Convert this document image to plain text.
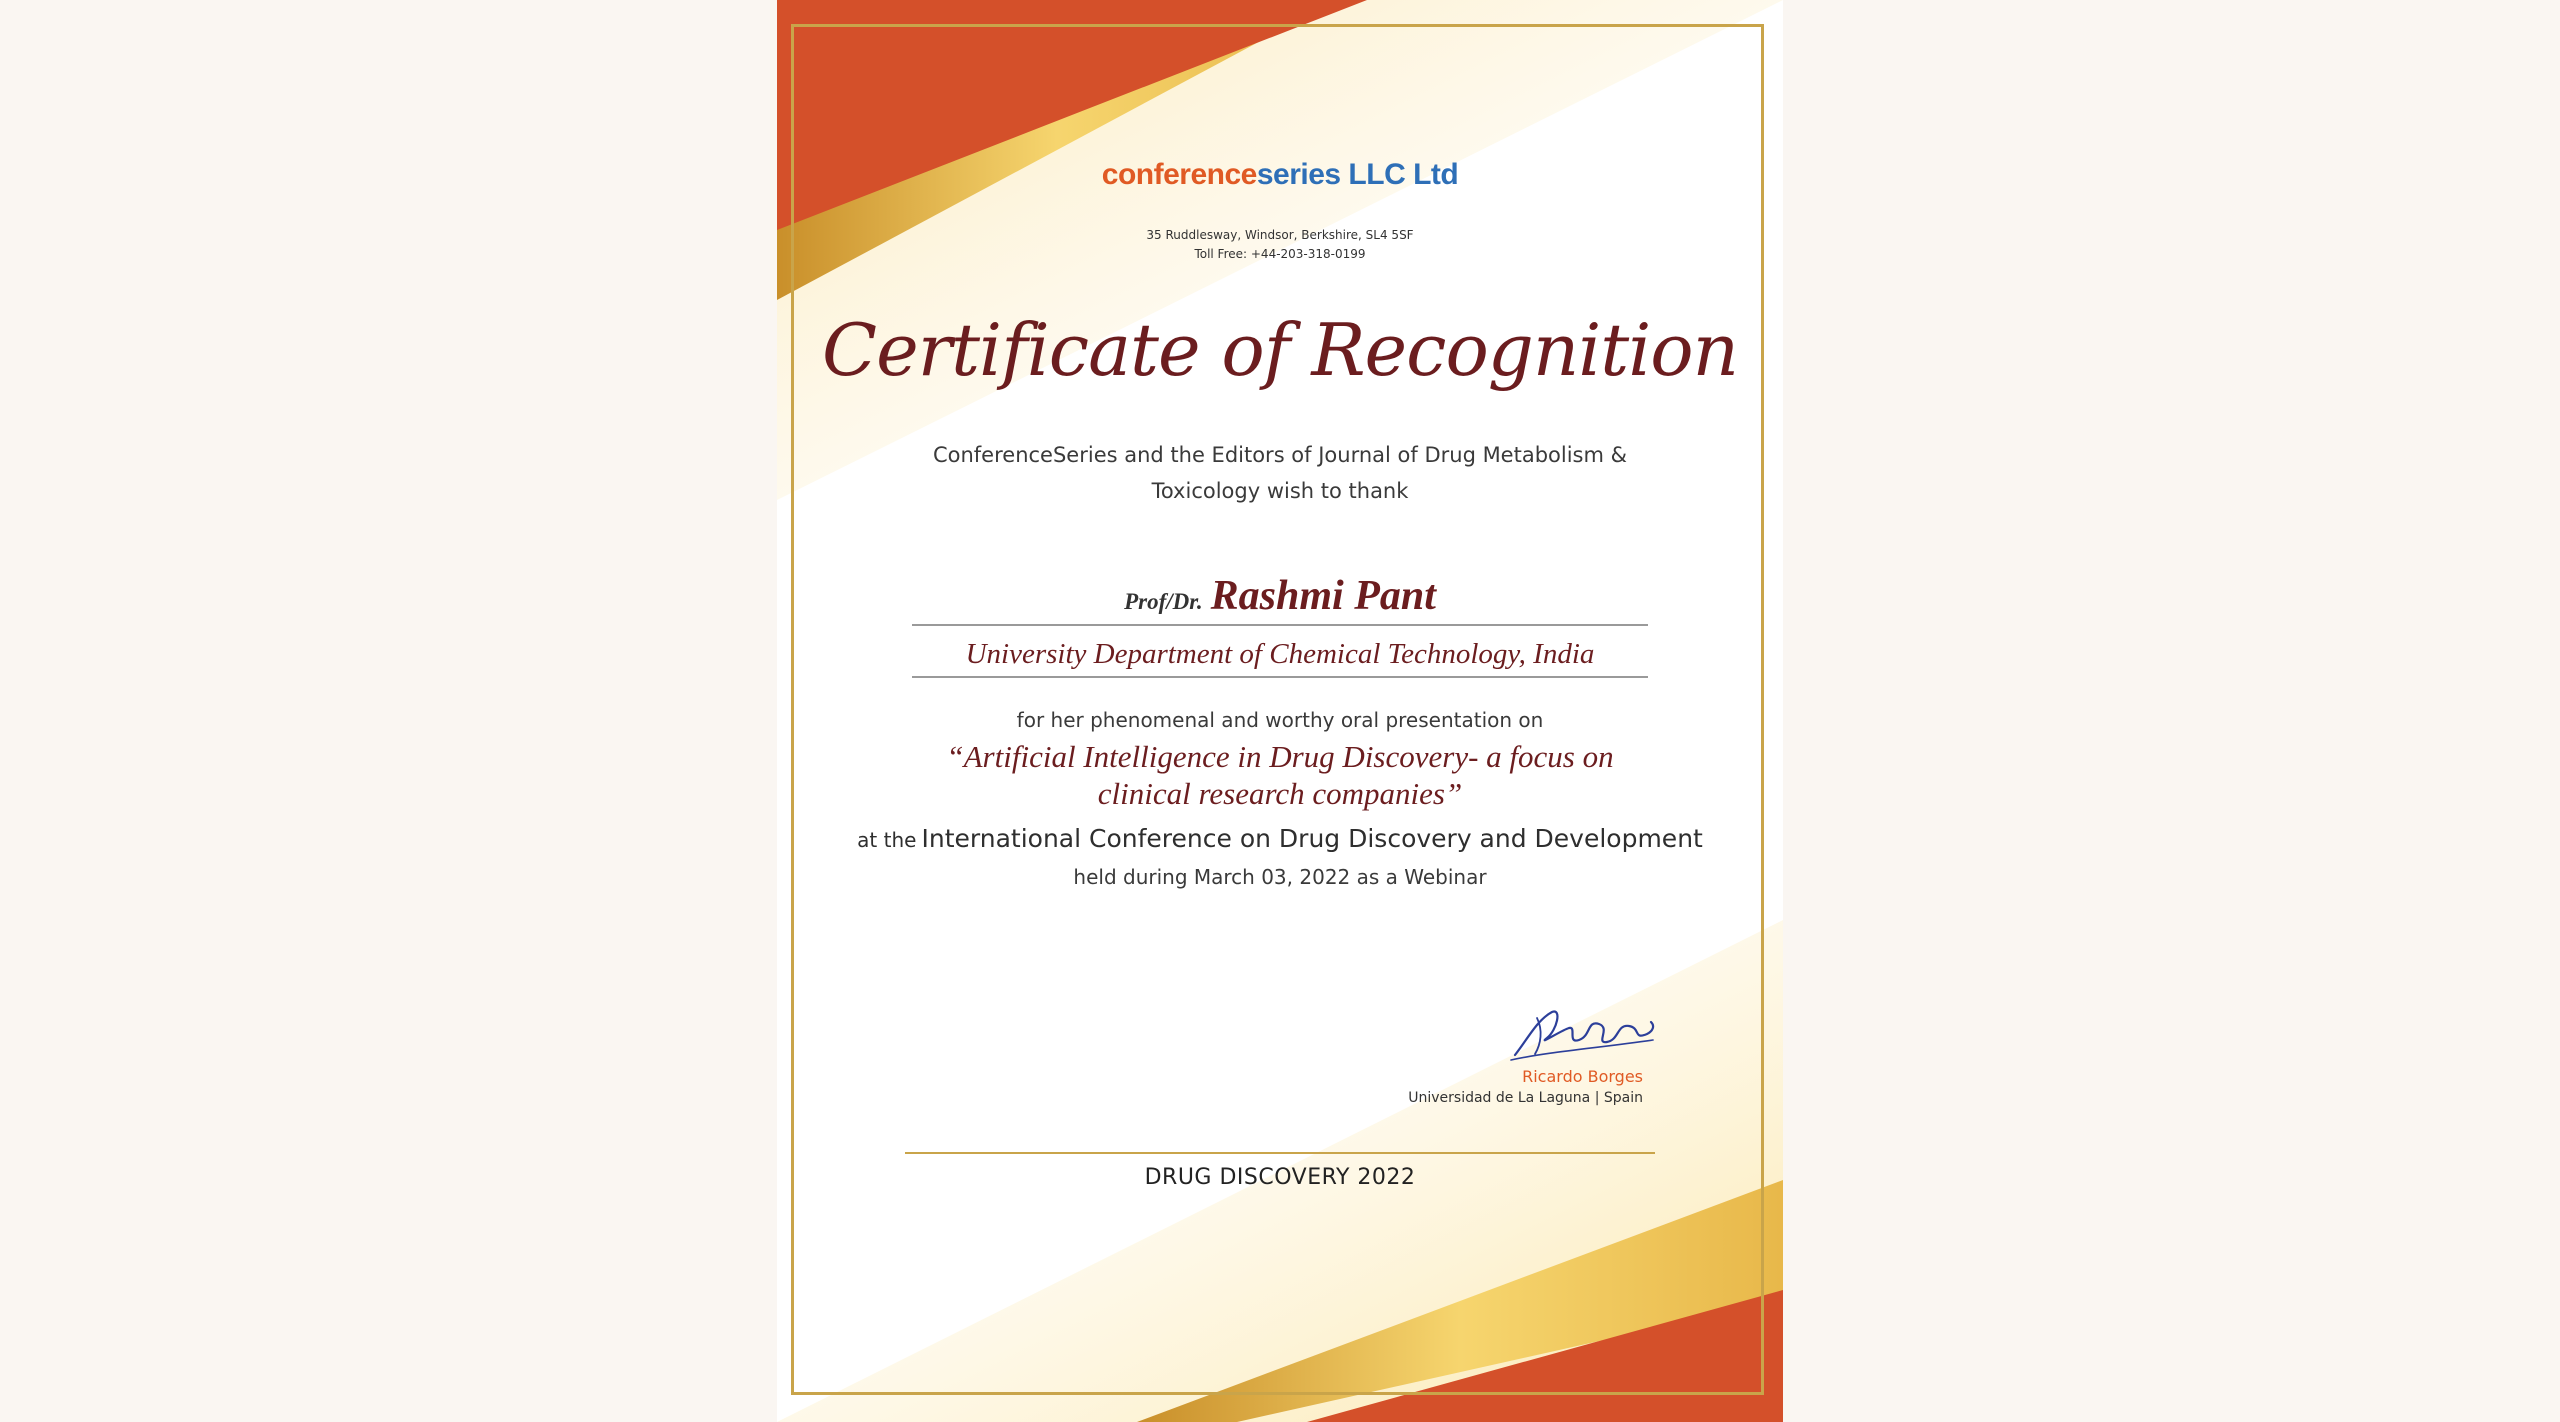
conferenceseries LLC Ltd
35 Ruddlesway, Windsor, Berkshire, SL4 5SF
Toll Free: +44-203-318-0199
Certificate of Recognition
ConferenceSeries and the Editors of Journal of Drug Metabolism & Toxicology wish to thank
Prof/Dr. Rashmi Pant
University Department of Chemical Technology, India
for her phenomenal and worthy oral presentation on
“Artificial Intelligence in Drug Discovery- a focus on clinical research companies”
at the International Conference on Drug Discovery and Development
held during March 03, 2022 as a Webinar
Ricardo Borges
Universidad de La Laguna | Spain
DRUG DISCOVERY 2022
